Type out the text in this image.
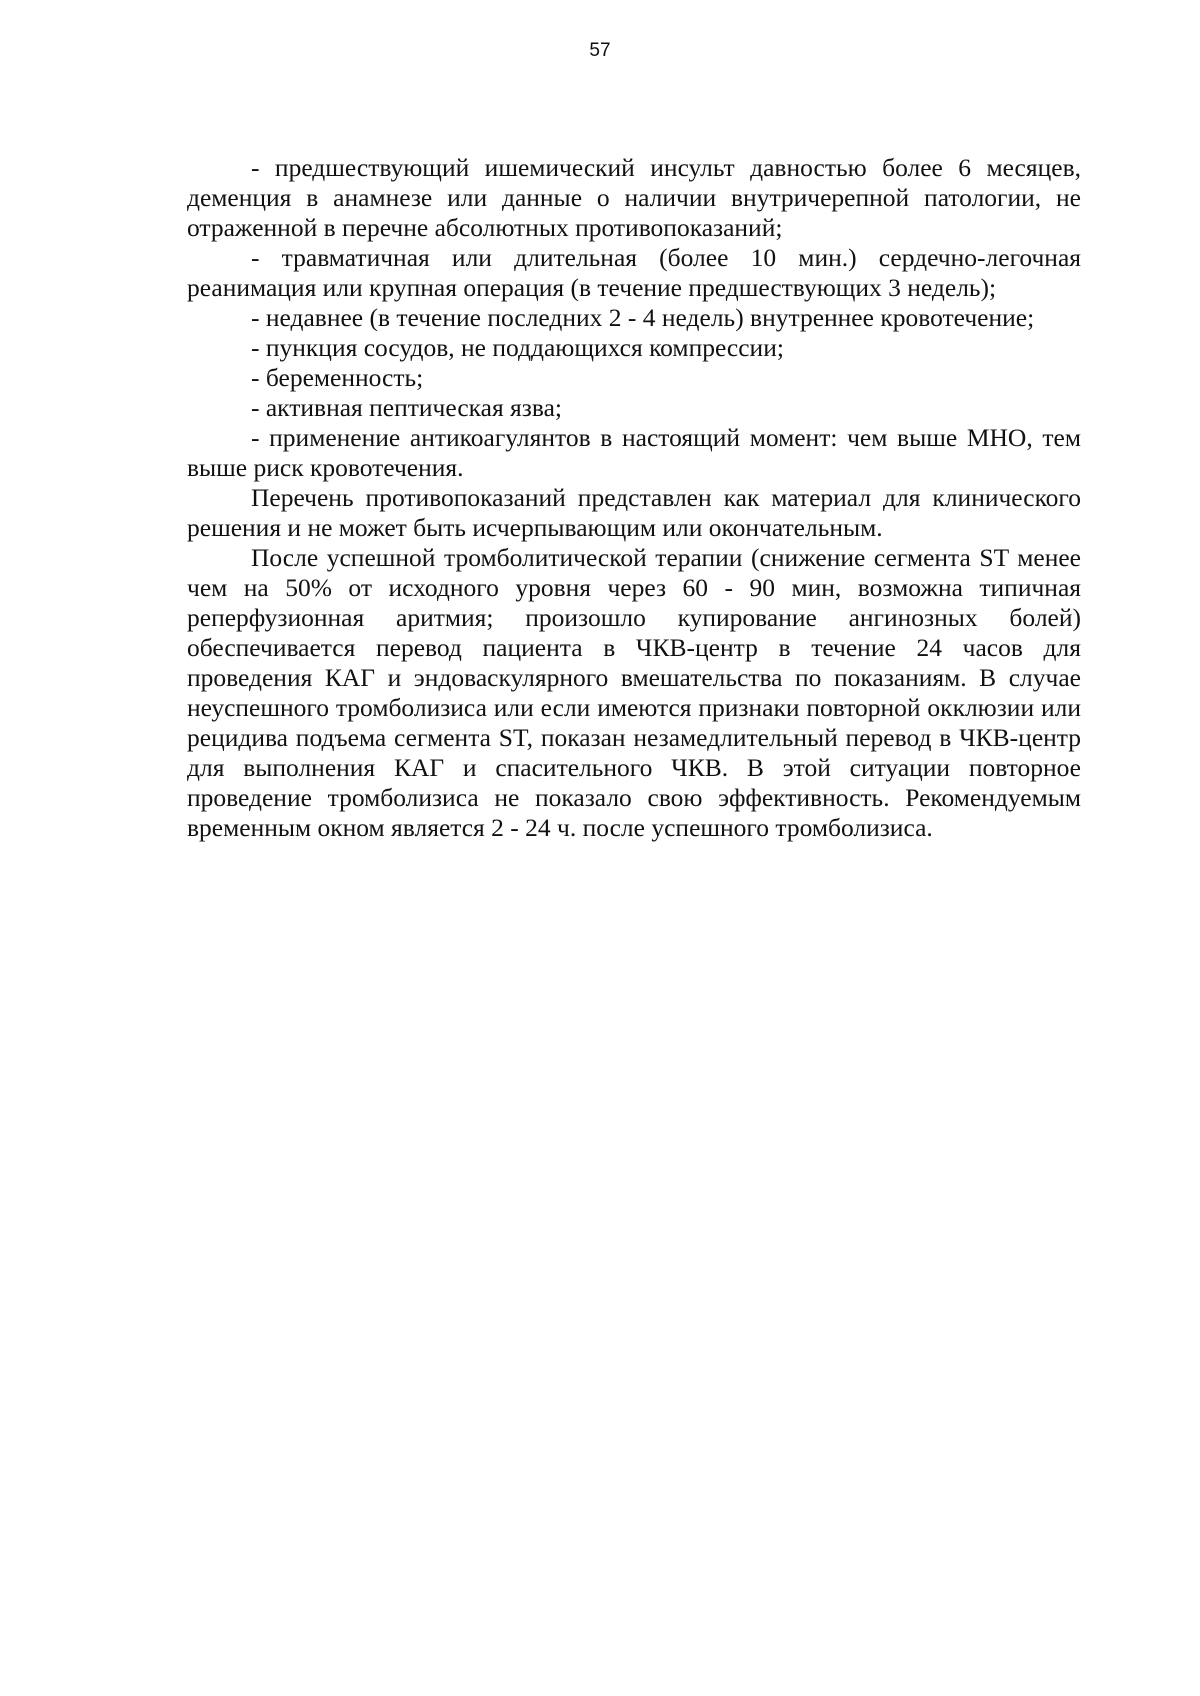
57

- предшествующий ишемический инсульт давностью более 6 месяцев, деменция в анамнезе или данные о наличии внутричерепной патологии, не отраженной в перечне абсолютных противопоказаний;

- травматичная или длительная (более 10 мин.) сердечно-легочная реанимация или крупная операция (в течение предшествующих 3 недель);

- недавнее (в течение последних 2 - 4 недель) внутреннее кровотечение;

- пункция сосудов, не поддающихся компрессии;

- беременность;

- активная пептическая язва;

- применение антикоагулянтов в настоящий момент: чем выше МНО, тем выше риск кровотечения.

Перечень противопоказаний представлен как материал для клинического решения и не может быть исчерпывающим или окончательным.

После успешной тромболитической терапии (снижение сегмента ST менее чем на 50% от исходного уровня через 60 - 90 мин, возможна типичная реперфузионная аритмия; произошло купирование ангинозных болей) обеспечивается перевод пациента в ЧКВ-центр в течение 24 часов для проведения КАГ и эндоваскулярного вмешательства по показаниям. В случае неуспешного тромболизиса или если имеются признаки повторной окклюзии или рецидива подъема сегмента ST, показан незамедлительный перевод в ЧКВ-центр для выполнения КАГ и спасительного ЧКВ. В этой ситуации повторное проведение тромболизиса не показало свою эффективность. Рекомендуемым временным окном является 2 - 24 ч. после успешного тромболизиса.
